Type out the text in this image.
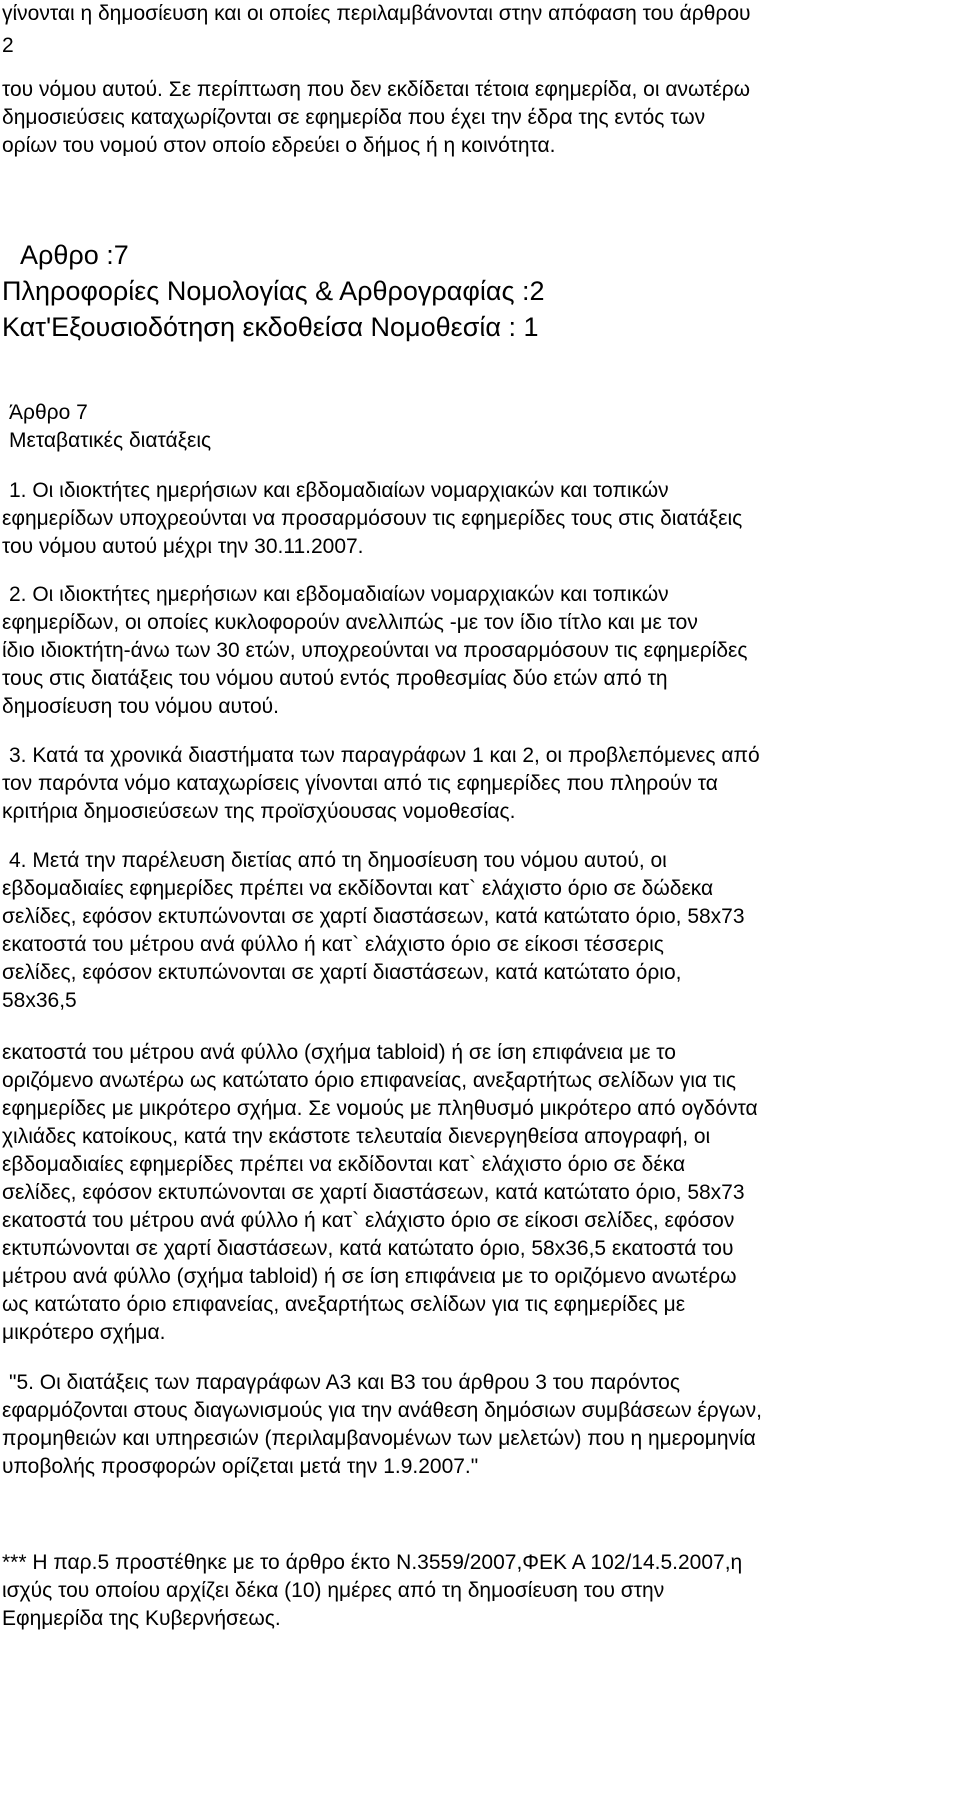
γίνονται η δημοσίευση και οι οποίες περιλαμβάνονται στην απόφαση του άρθρου

2

του νόμου αυτού. Σε περίπτωση που δεν εκδίδεται τέτοια εφημερίδα, οι ανωτέρω

δημοσιεύσεις καταχωρίζονται σε εφημερίδα που έχει την έδρα της εντός των

ορίων του νομού στον οποίο εδρεύει ο δήμος ή η κοινότητα.

Αρθρο :7

Πληροφορίες Νομολογίας & Αρθρογραφίας :2

Κατ'Εξουσιοδότηση εκδοθείσα Νομοθεσία : 1

Άρθρο 7

Μεταβατικές διατάξεις

1. Οι ιδιοκτήτες ημερήσιων και εβδομαδιαίων νομαρχιακών και τοπικών

εφημερίδων υποχρεούνται να προσαρμόσουν τις εφημερίδες τους στις διατάξεις

του νόμου αυτού μέχρι την 30.11.2007.

2. Οι ιδιοκτήτες ημερήσιων και εβδομαδιαίων νομαρχιακών και τοπικών

εφημερίδων, οι οποίες κυκλοφορούν ανελλιπώς -με τον ίδιο τίτλο και με τον

ίδιο ιδιοκτήτη-άνω των 30 ετών, υποχρεούνται να προσαρμόσουν τις εφημερίδες

τους στις διατάξεις του νόμου αυτού εντός προθεσμίας δύο ετών από τη

δημοσίευση του νόμου αυτού.

3. Κατά τα χρονικά διαστήματα των παραγράφων 1 και 2, οι προβλεπόμενες από

τον παρόντα νόμο καταχωρίσεις γίνονται από τις εφημερίδες που πληρούν τα

κριτήρια δημοσιεύσεων της προϊσχύουσας νομοθεσίας.

4. Μετά την παρέλευση διετίας από τη δημοσίευση του νόμου αυτού, οι

εβδομαδιαίες εφημερίδες πρέπει να εκδίδονται κατ` ελάχιστο όριο σε δώδεκα

σελίδες, εφόσον εκτυπώνονται σε χαρτί διαστάσεων, κατά κατώτατο όριο, 58x73

εκατοστά του μέτρου ανά φύλλο ή κατ` ελάχιστο όριο σε είκοσι τέσσερις

σελίδες, εφόσον εκτυπώνονται σε χαρτί διαστάσεων, κατά κατώτατο όριο,

58x36,5

εκατοστά του μέτρου ανά φύλλο (σχήμα tabloid) ή σε ίση επιφάνεια με το

οριζόμενο ανωτέρω ως κατώτατο όριο επιφανείας, ανεξαρτήτως σελίδων για τις

εφημερίδες με μικρότερο σχήμα. Σε νομούς με πληθυσμό μικρότερο από ογδόντα

χιλιάδες κατοίκους, κατά την εκάστοτε τελευταία διενεργηθείσα απογραφή, οι

εβδομαδιαίες εφημερίδες πρέπει να εκδίδονται κατ` ελάχιστο όριο σε δέκα

σελίδες, εφόσον εκτυπώνονται σε χαρτί διαστάσεων, κατά κατώτατο όριο, 58x73

εκατοστά του μέτρου ανά φύλλο ή κατ` ελάχιστο όριο σε είκοσι σελίδες, εφόσον

εκτυπώνονται σε χαρτί διαστάσεων, κατά κατώτατο όριο, 58x36,5 εκατοστά του

μέτρου ανά φύλλο (σχήμα tabloid) ή σε ίση επιφάνεια με το οριζόμενο ανωτέρω

ως κατώτατο όριο επιφανείας, ανεξαρτήτως σελίδων για τις εφημερίδες με

μικρότερο σχήμα.

"5. Οι διατάξεις των παραγράφων Α3 και Β3 του άρθρου 3 του παρόντος

εφαρμόζονται στους διαγωνισμούς για την ανάθεση δημόσιων συμβάσεων έργων,

προμηθειών και υπηρεσιών (περιλαμβανομένων των μελετών) που η ημερομηνία

υποβολής προσφορών ορίζεται μετά την 1.9.2007."

*** Η παρ.5 προστέθηκε με το άρθρο έκτο Ν.3559/2007,ΦΕΚ Α 102/14.5.2007,η

ισχύς του οποίου αρχίζει δέκα (10) ημέρες από τη δημοσίευση του στην

Εφημερίδα της Κυβερνήσεως.
